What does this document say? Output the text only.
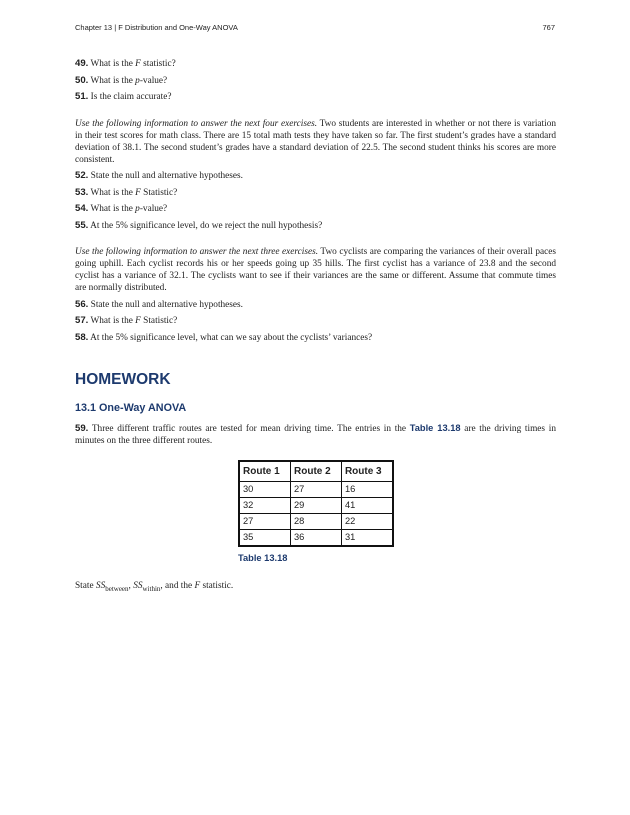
Chapter 13 | F Distribution and One-Way ANOVA	767

49. What is the F statistic?

50. What is the p-value?

51. Is the claim accurate?

Use the following information to answer the next four exercises. Two students are interested in whether or not there is variation in their test scores for math class. There are 15 total math tests they have taken so far. The first student’s grades have a standard deviation of 38.1. The second student’s grades have a standard deviation of 22.5. The second student thinks his scores are more consistent.

52. State the null and alternative hypotheses.

53. What is the F Statistic?

54. What is the p-value?

55. At the 5% significance level, do we reject the null hypothesis?

Use the following information to answer the next three exercises. Two cyclists are comparing the variances of their overall paces going uphill. Each cyclist records his or her speeds going up 35 hills. The first cyclist has a variance of 23.8 and the second cyclist has a variance of 32.1. The cyclists want to see if their variances are the same or different. Assume that commute times are normally distributed.

56. State the null and alternative hypotheses.

57. What is the F Statistic?

58. At the 5% significance level, what can we say about the cyclists’ variances?

HOMEWORK
13.1 One-Way ANOVA

59. Three different traffic routes are tested for mean driving time. The entries in the Table 13.18 are the driving times in minutes on the three different routes.

Route 1	Route 2	Route 3
30	27	16
32	29	41
27	28	22
35	36	31
Table 13.18
State $SS_{between}$, $SS_{within}$, and the F statistic.
